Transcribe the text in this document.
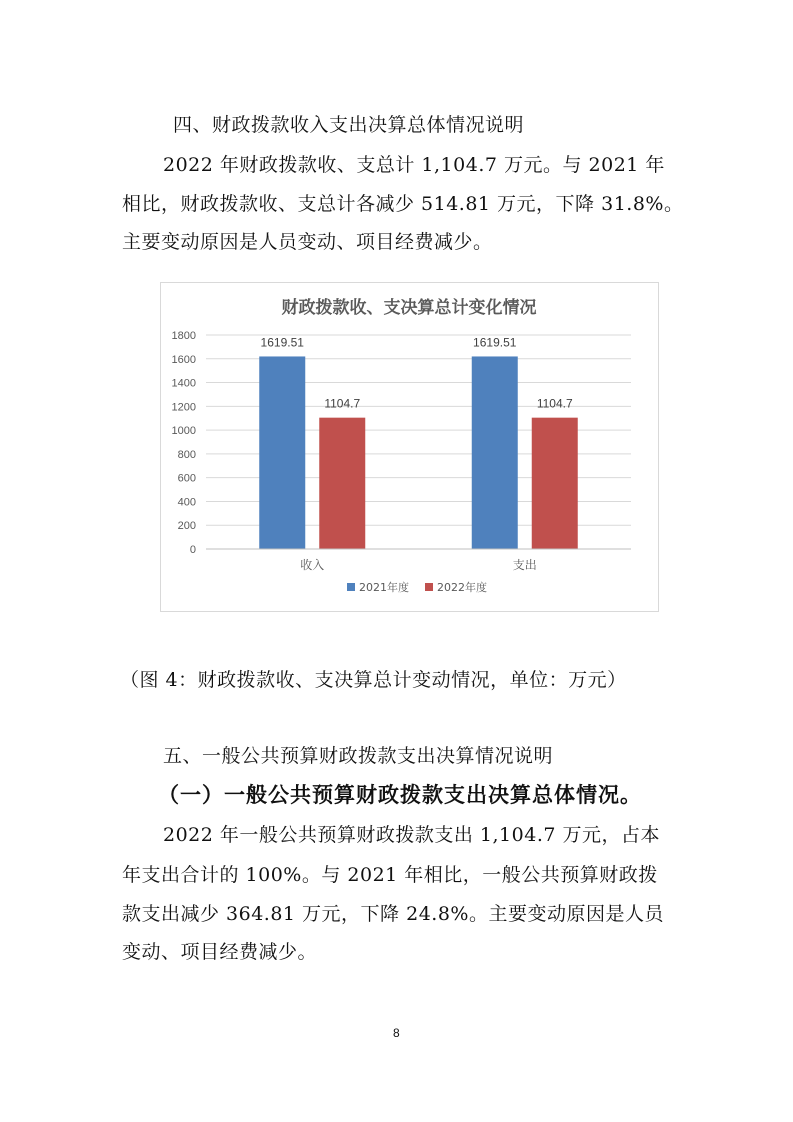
四、财政拨款收入支出决算总体情况说明
2022 年财政拨款收、支总计 1,104.7 万元。与 2021 年
相比，财政拨款收、支总计各减少 514.81 万元，下降 31.8%。
主要变动原因是人员变动、项目经费减少。
财政拨款收、支决算总计变化情况
0
200
400
600
800
1000
1200
1400
1600
1800	1619.51
1104.7
收入
1619.51
1104.7
支出
2021年度	2022年度
（图 4：财政拨款收、支决算总计变动情况，单位：万元）
五、一般公共预算财政拨款支出决算情况说明
（一）一般公共预算财政拨款支出决算总体情况。
2022 年一般公共预算财政拨款支出 1,104.7 万元，占本
年支出合计的 100%。与 2021 年相比，一般公共预算财政拨
款支出减少 364.81 万元，下降 24.8%。主要变动原因是人员
变动、项目经费减少。
8
